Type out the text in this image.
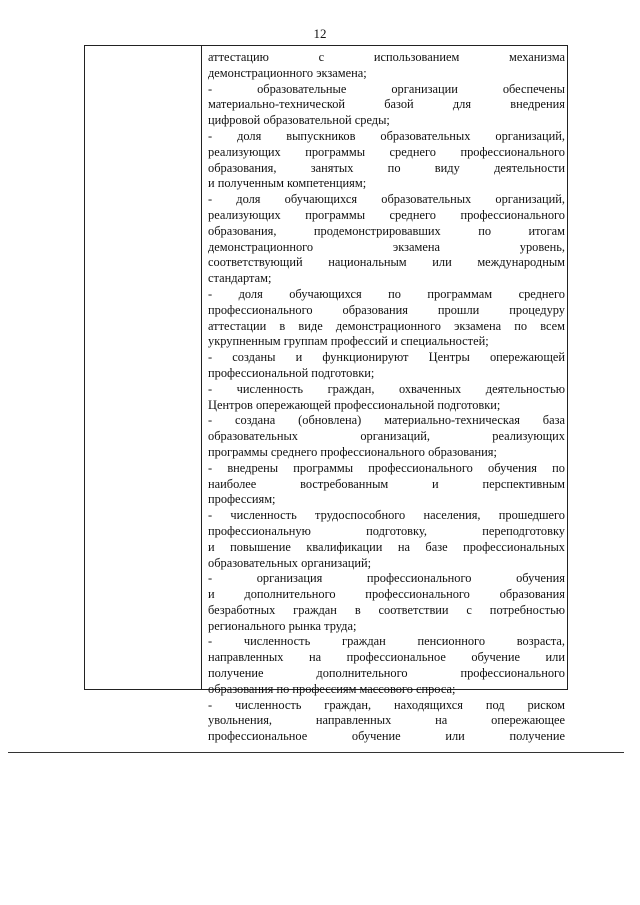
12
аттестацию с использованием механизма
демонстрационного экзамена;
- образовательные организации обеспечены
материально-технической базой для внедрения
цифровой образовательной среды;
- доля выпускников образовательных организаций,
реализующих программы среднего профессионального
образования, занятых по виду деятельности
и полученным компетенциям;
- доля обучающихся образовательных организаций,
реализующих программы среднего профессионального
образования, продемонстрировавших по итогам
демонстрационного экзамена уровень,
соответствующий национальным или международным
стандартам;
- доля обучающихся по программам среднего
профессионального образования прошли процедуру
аттестации в виде демонстрационного экзамена по всем
укрупненным группам профессий и специальностей;
- созданы и функционируют Центры опережающей
профессиональной подготовки;
- численность граждан, охваченных деятельностью
Центров опережающей профессиональной подготовки;
- создана (обновлена) материально-техническая база
образовательных организаций, реализующих
программы среднего профессионального образования;
- внедрены программы профессионального обучения по
наиболее востребованным и перспективным
профессиям;
- численность трудоспособного населения, прошедшего
профессиональную подготовку, переподготовку
и повышение квалификации на базе профессиональных
образовательных организаций;
- организация профессионального обучения
и дополнительного профессионального образования
безработных граждан в соответствии с потребностью
регионального рынка труда;
- численность граждан пенсионного возраста,
направленных на профессиональное обучение или
получение дополнительного профессионального
образования по профессиям массового спроса;
- численность граждан, находящихся под риском
увольнения, направленных на опережающее
профессиональное обучение или получение
